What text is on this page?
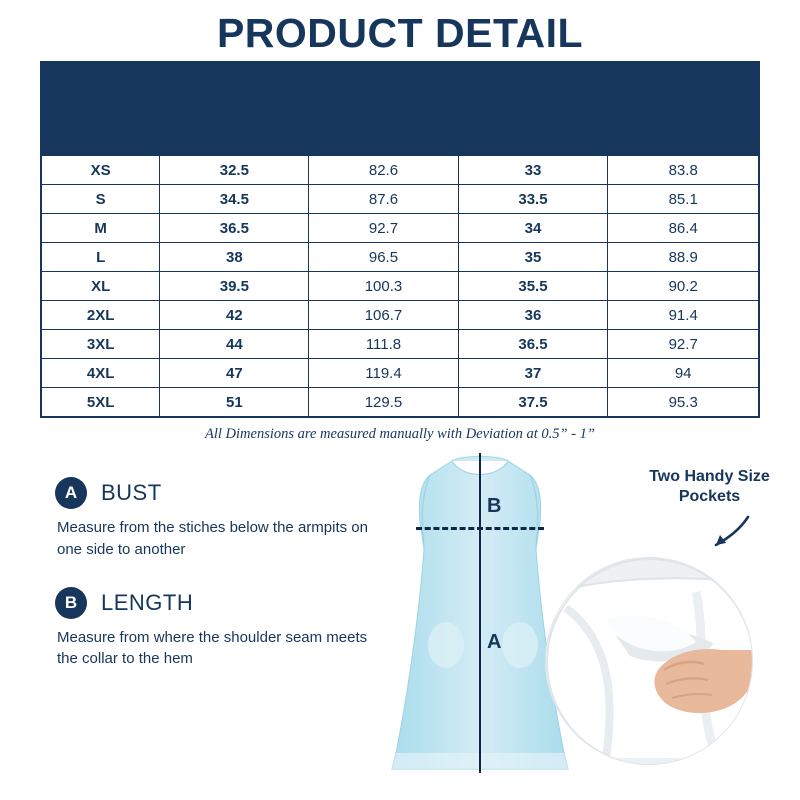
PRODUCT DETAIL
SIZE GUIDE				
SIZE	BUST (A)		LENGTH (B)	
	Inch	Cm	Inch	Cm
XS	32.5	82.6	33	83.8
S	34.5	87.6	33.5	85.1
M	36.5	92.7	34	86.4
L	38	96.5	35	88.9
XL	39.5	100.3	35.5	90.2
2XL	42	106.7	36	91.4
3XL	44	111.8	36.5	92.7
4XL	47	119.4	37	94
5XL	51	129.5	37.5	95.3
All Dimensions are measured manually with Deviation at 0.5” - 1”
A	BUST
Measure from the stiches below the armpits on one side to another
B	LENGTH
Measure from where the shoulder seam meets the collar to the hem
B
A
Two Handy Size Pockets
